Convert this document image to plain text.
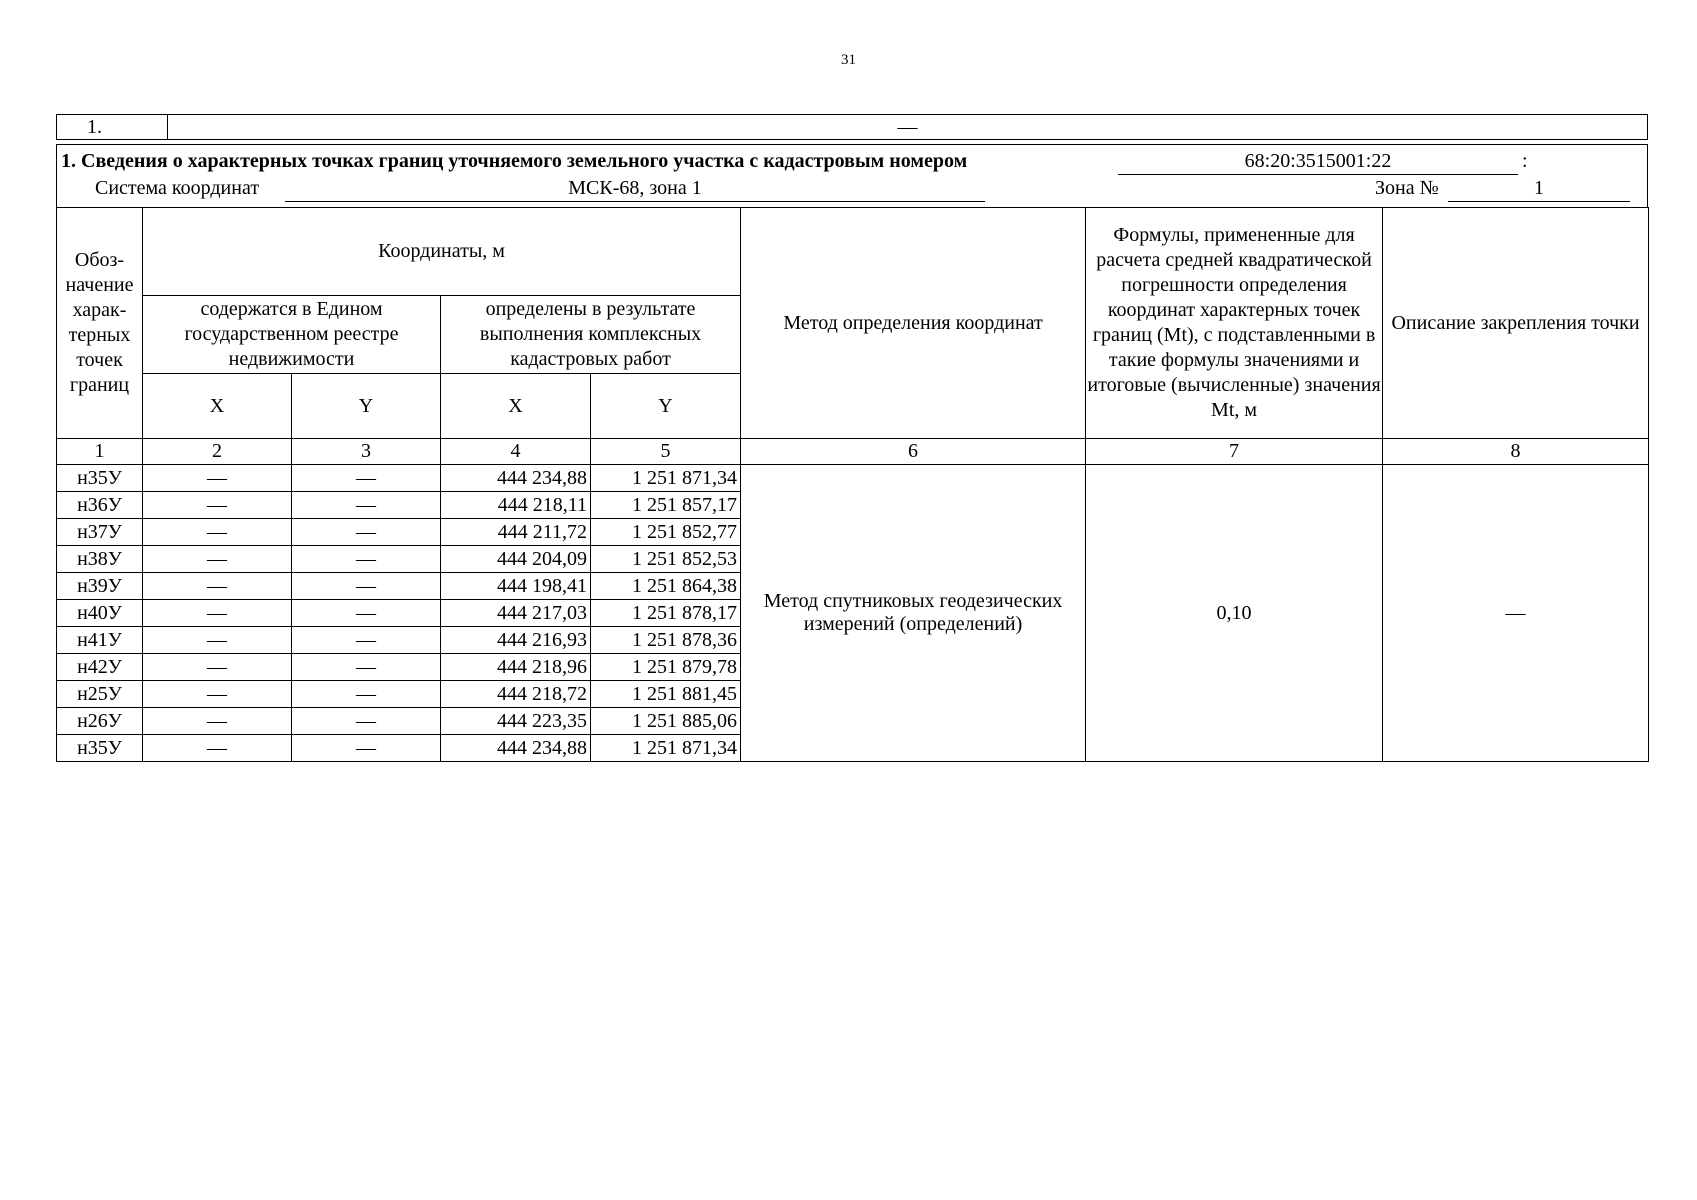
31
1.	—
1. Сведения о характерных точках границ уточняемого земельного участка с кадастровым номером	68:20:3515001:22	:
Система координат	МСК-68, зона 1	Зона №	1
Обоз- начение харак- терных точек границ	Координаты, м				Метод определения координат	Формулы, примененные для расчета средней квадратической погрешности определения координат характерных точек границ (Mt), с подставленными в такие формулы значениями и итоговые (вычисленные) значения Mt, м	Описание закрепления точки
	содержатся в Едином государственном реестре недвижимости		определены в результате выполнения комплексных кадастровых работ				
	X	Y	X	Y			
1	2	3	4	5	6	7	8
н35У	—	—	444 234,88	1 251 871,34	Метод спутниковых геодезических измерений (определений)	0,10	—
н36У	—	—	444 218,11	1 251 857,17			
н37У	—	—	444 211,72	1 251 852,77			
н38У	—	—	444 204,09	1 251 852,53			
н39У	—	—	444 198,41	1 251 864,38			
н40У	—	—	444 217,03	1 251 878,17			
н41У	—	—	444 216,93	1 251 878,36			
н42У	—	—	444 218,96	1 251 879,78			
н25У	—	—	444 218,72	1 251 881,45			
н26У	—	—	444 223,35	1 251 885,06			
н35У	—	—	444 234,88	1 251 871,34			
